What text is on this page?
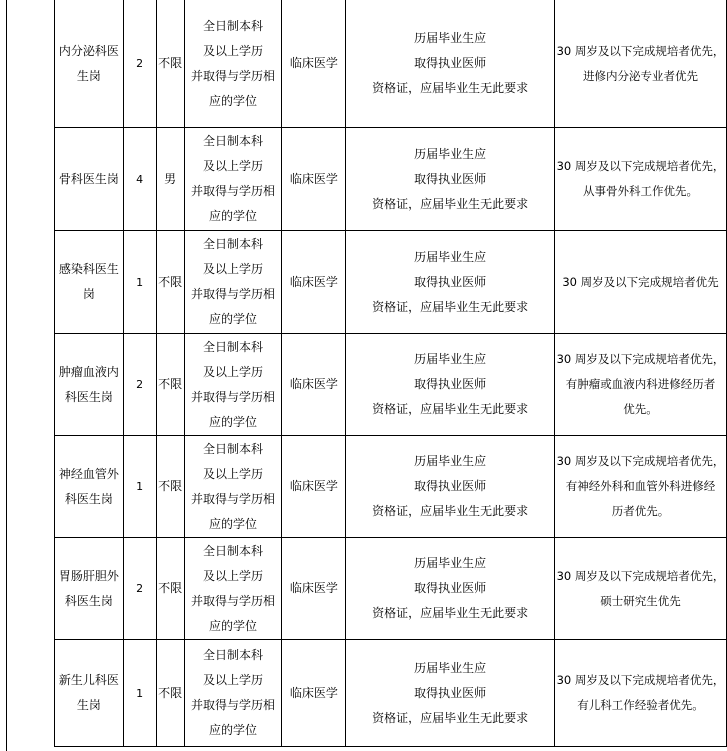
内分泌科医
生岗	2	不限	全日制本科
及以上学历
并取得与学历相
应的学位	临床医学	历届毕业生应
取得执业医师
资格证，应届毕业生无此要求	30 周岁及以下完成规培者优先，
进修内分泌专业者优先

骨科医生岗	4	男	全日制本科
及以上学历
并取得与学历相
应的学位	临床医学	历届毕业生应
取得执业医师
资格证，应届毕业生无此要求	30 周岁及以下完成规培者优先，
从事骨外科工作优先。

感染科医生
岗	1	不限	全日制本科
及以上学历
并取得与学历相
应的学位	临床医学	历届毕业生应
取得执业医师
资格证，应届毕业生无此要求	30 周岁及以下完成规培者优先

肿瘤血液内
科医生岗	2	不限	全日制本科
及以上学历
并取得与学历相
应的学位	临床医学	历届毕业生应
取得执业医师
资格证，应届毕业生无此要求	30 周岁及以下完成规培者优先，
有肿瘤或血液内科进修经历者
优先。

神经血管外
科医生岗	1	不限	全日制本科
及以上学历
并取得与学历相
应的学位	临床医学	历届毕业生应
取得执业医师
资格证，应届毕业生无此要求	30 周岁及以下完成规培者优先，
有神经外科和血管外科进修经
历者优先。

胃肠肝胆外
科医生岗	2	不限	全日制本科
及以上学历
并取得与学历相
应的学位	临床医学	历届毕业生应
取得执业医师
资格证，应届毕业生无此要求	30 周岁及以下完成规培者优先，
硕士研究生优先

新生儿科医
生岗	1	不限	全日制本科
及以上学历
并取得与学历相
应的学位	临床医学	历届毕业生应
取得执业医师
资格证，应届毕业生无此要求	30 周岁及以下完成规培者优先，
有儿科工作经验者优先。
